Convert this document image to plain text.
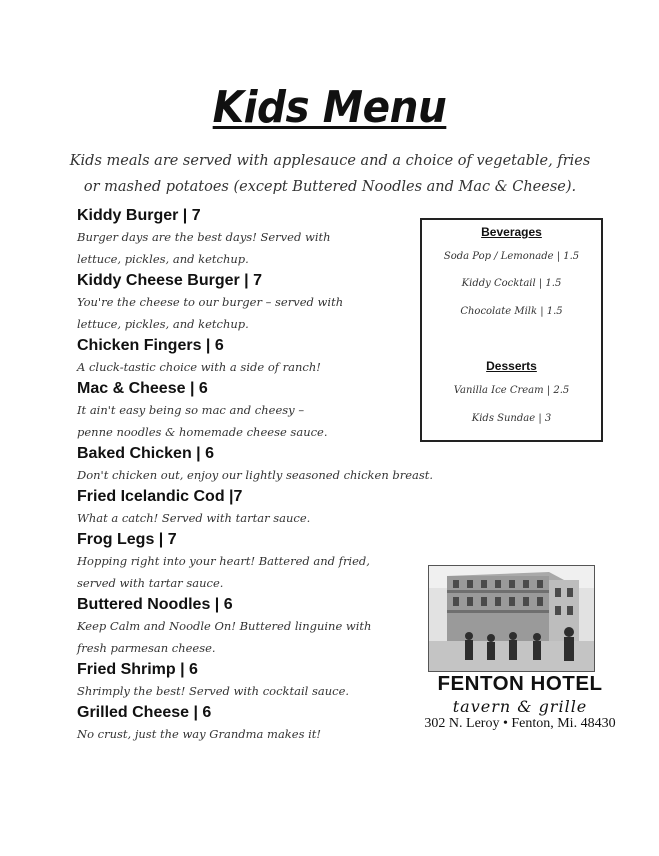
Kids Menu
Kids meals are served with applesauce and a choice of vegetable, fries
or mashed potatoes (except Buttered Noodles and Mac & Cheese).
Kiddy Burger | 7
Burger days are the best days! Served with
lettuce, pickles, and ketchup.
Kiddy Cheese Burger | 7
You're the cheese to our burger – served with
lettuce, pickles, and ketchup.
Chicken Fingers | 6
A cluck-tastic choice with a side of ranch!
Mac & Cheese | 6
It ain't easy being so mac and cheesy –
penne noodles & homemade cheese sauce.
Baked Chicken | 6
Don't chicken out, enjoy our lightly seasoned chicken breast.
Fried Icelandic Cod |7
What a catch! Served with tartar sauce.
Frog Legs | 7
Hopping right into your heart! Battered and fried,
served with tartar sauce.
Buttered Noodles | 6
Keep Calm and Noodle On! Buttered linguine with
fresh parmesan cheese.
Fried Shrimp | 6
Shrimply the best! Served with cocktail sauce.
Grilled Cheese | 6
No crust, just the way Grandma makes it!
Beverages
Soda Pop / Lemonade | 1.5
Kiddy Cocktail | 1.5
Chocolate Milk | 1.5
Desserts
Vanilla Ice Cream | 2.5
Kids Sundae | 3
FENTON HOTEL
tavern & grille
302 N. Leroy • Fenton, Mi. 48430
